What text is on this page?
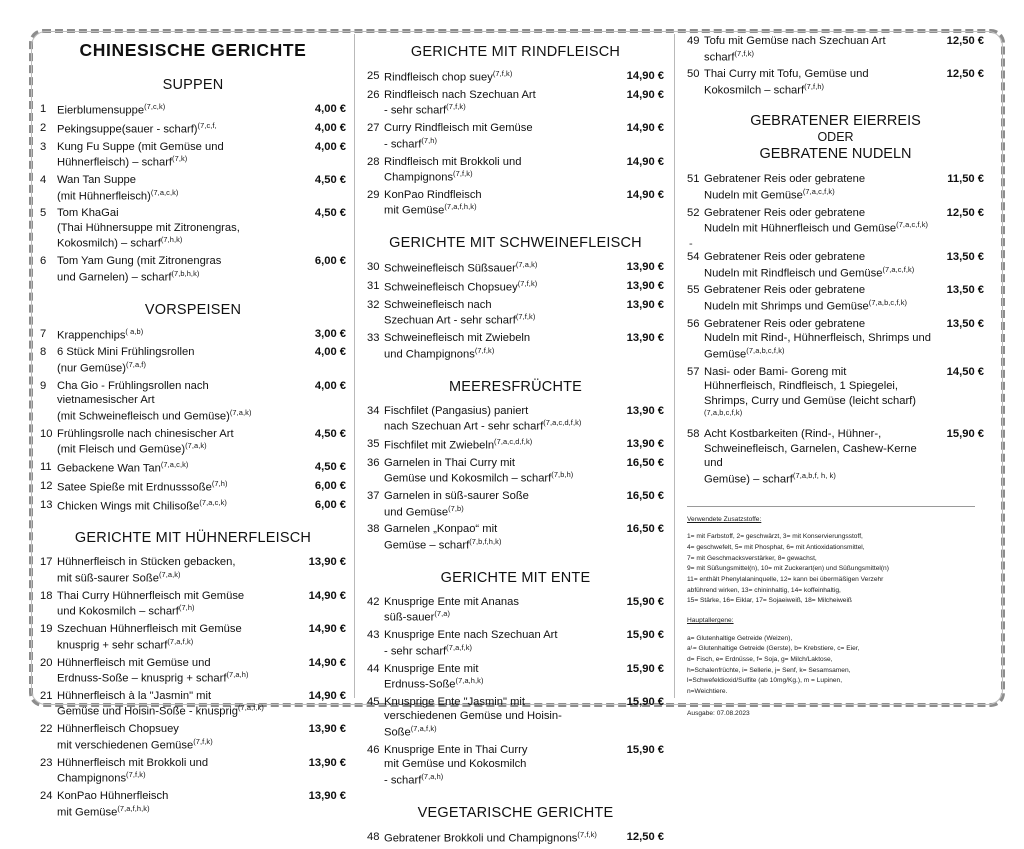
CHINESISCHE GERICHTE
SUPPEN
1	Eierblumensuppe$^{(7,c,k)}$	4,00 €
2	Pekingsuppe(sauer - scharf)$^{(7,c,f,}$	4,00 €
3	Kung Fu Suppe (mit Gemüse und
Hühnerfleisch) – scharf$^{(7,k)}$	4,00 €
4	Wan Tan Suppe
(mit Hühnerfleisch)$^{(7,a,c,k)}$	4,50 €
5	Tom KhaGai
(Thai Hühnersuppe mit Zitronengras,
Kokosmilch) – scharf$^{(7,h,k)}$	4,50 €
6	Tom Yam Gung (mit Zitronengras
und Garnelen) – scharf$^{(7,b,h,k)}$	6,00 €
VORSPEISEN
7	Krappenchips$^{( a,b)}$	3,00 €
8	6 Stück Mini Frühlingsrollen
(nur Gemüse)$^{(7,a,f)}$	4,00 €
9	Cha Gio - Frühlingsrollen nach
vietnamesischer Art
(mit Schweinefleisch und Gemüse)$^{(7,a,k)}$	4,00 €
10	Frühlingsrolle nach chinesischer Art
(mit Fleisch und Gemüse)$^{(7,a,k)}$	4,50 €
11	Gebackene Wan Tan$^{(7,a,c,k)}$	4,50 €
12	Satee Spieße mit Erdnusssoße$^{(7,h)}$	6,00 €
13	Chicken Wings mit Chilisoße$^{(7,a,c,k)}$	6,00 €
GERICHTE MIT HÜHNERFLEISCH
17	Hühnerfleisch in Stücken gebacken,
mit süß-saurer Soße$^{(7,a,k)}$	13,90 €
18	Thai Curry Hühnerfleisch mit Gemüse
und Kokosmilch – scharf$^{(7,h)}$	14,90 €
19	Szechuan Hühnerfleisch mit Gemüse
knusprig + sehr scharf$^{(7,a,f,k)}$	14,90 €
20	Hühnerfleisch mit Gemüse und
Erdnuss-Soße – knusprig + scharf$^{(7,a,h)}$	14,90 €
21	Hühnerfleisch à la "Jasmin" mit
Gemüse und Hoisin-Soße - knusprig$^{(7,a,f,k)}$	14,90 €
22	Hühnerfleisch Chopsuey
mit verschiedenen Gemüse$^{(7,f,k)}$	13,90 €
23	Hühnerfleisch mit Brokkoli und
Champignons$^{(7,f,k)}$	13,90 €
24	KonPao Hühnerfleisch
mit Gemüse$^{(7,a,f,h,k)}$	13,90 €
GERICHTE MIT RINDFLEISCH
25	Rindfleisch chop suey$^{(7,f,k)}$	14,90 €
26	Rindfleisch nach Szechuan Art
- sehr scharf$^{(7,f,k)}$	14,90 €
27	Curry Rindfleisch mit Gemüse
- scharf$^{(7,h)}$	14,90 €
28	Rindfleisch mit Brokkoli und
Champignons$^{(7,f,k)}$	14,90 €
29	KonPao Rindfleisch
mit Gemüse$^{(7,a,f,h,k)}$	14,90 €
GERICHTE MIT SCHWEINEFLEISCH
30	Schweinefleisch Süßsauer$^{(7,a,k)}$	13,90 €
31	Schweinefleisch Chopsuey$^{(7,f,k)}$	13,90 €
32	Schweinefleisch nach
Szechuan Art - sehr scharf$^{(7,f,k)}$	13,90 €
33	Schweinefleisch mit Zwiebeln
und Champignons$^{(7,f,k)}$	13,90 €
MEERESFRÜCHTE
34	Fischfilet (Pangasius) paniert
nach Szechuan Art - sehr scharf$^{(7,a,c,d,f,k)}$	13,90 €
35	Fischfilet mit Zwiebeln$^{(7,a,c,d,f,k)}$	13,90 €
36	Garnelen in Thai Curry mit
Gemüse und Kokosmilch – scharf$^{(7,b,h)}$	16,50 €
37	Garnelen in süß-saurer Soße
und Gemüse$^{(7,b)}$	16,50 €
38	Garnelen „Konpao“ mit
Gemüse – scharf$^{(7,b,f,h,k)}$	16,50 €
GERICHTE MIT ENTE
42	Knusprige Ente mit Ananas
süß-sauer$^{(7,a)}$	15,90 €
43	Knusprige Ente nach Szechuan Art
- sehr scharf$^{(7,a,f,k)}$	15,90 €
44	Knusprige Ente mit
Erdnuss-Soße$^{(7,a,h,k)}$	15,90 €
45	Knusprige Ente "Jasmin" mit
verschiedenen Gemüse und Hoisin-Soße$^{(7,a,f,k)}$	15,90 €
46	Knusprige Ente in Thai Curry
mit Gemüse und Kokosmilch
- scharf$^{(7,a,h)}$	15,90 €
VEGETARISCHE GERICHTE
48	Gebratener Brokkoli und Champignons$^{(7,f,k)}$	12,50 €
49	Tofu mit Gemüse nach Szechuan Art
scharf$^{(7,f,k)}$	12,50 €
50	Thai Curry mit Tofu, Gemüse und
Kokosmilch – scharf$^{(7,f,h)}$	12,50 €
GEBRATENER EIERREIS
ODER
GEBRATENE NUDELN
51	Gebratener Reis oder gebratene
Nudeln mit Gemüse$^{(7,a,c,f,k)}$	11,50 €
52	Gebratener Reis oder gebratene
Nudeln mit Hühnerfleisch und Gemüse$^{(7,a,c,f,k)}$	12,50 €
-
54	Gebratener Reis oder gebratene
Nudeln mit Rindfleisch und Gemüse$^{(7,a,c,f,k)}$	13,50 €
55	Gebratener Reis oder gebratene
Nudeln mit Shrimps und Gemüse$^{(7,a,b,c,f,k)}$	13,50 €
56	Gebratener Reis oder gebratene
Nudeln mit Rind-, Hühnerfleisch, Shrimps und
Gemüse$^{(7,a,b,c,f,k)}$	13,50 €
57	Nasi- oder Bami- Goreng mit
Hühnerfleisch, Rindfleisch, 1 Spiegelei,
Shrimps, Curry und Gemüse (leicht scharf)$^{(7,a,b,c,f,k)}$	14,50 €
58	Acht Kostbarkeiten (Rind-, Hühner-,
Schweinefleisch, Garnelen, Cashew-Kerne und
Gemüse) – scharf$^{(7,a,b,f, h, k)}$	15,90 €
Verwendete Zusatzstoffe:

1= mit Farbstoff, 2= geschwärzt, 3= mit Konservierungsstoff,

4= geschwefelt, 5= mit Phosphat, 6= mit Antioxidationsmittel,

7= mit Geschmacksverstärker, 8= gewachst,

9= mit Süßungsmittel(n), 10= mit Zuckerart(en) und Süßungsmittel(n)

11= enthält Phenylalaninquelle, 12= kann bei übermäßigen Verzehr

abführend wirken, 13= chininhaltig, 14= koffeinhaltig,

15= Stärke, 16= Eiklar, 17= Sojaeiweiß, 18= Milcheiweiß

Hauptallergene:

a= Glutenhaltige Getreide (Weizen),

a¹= Glutenhaltige Getreide (Gerste), b= Krebstiere, c= Eier,

d= Fisch, e= Erdnüsse, f= Soja, g= Milch/Laktose,

h=Schalenfrüchte, i= Sellerie, j= Senf, k= Sesamsamen,

l=Schwefeldioxid/Sulfite (ab 10mg/Kg.), m = Lupinen,

n=Weichtiere.

Ausgabe: 07.08.2023
